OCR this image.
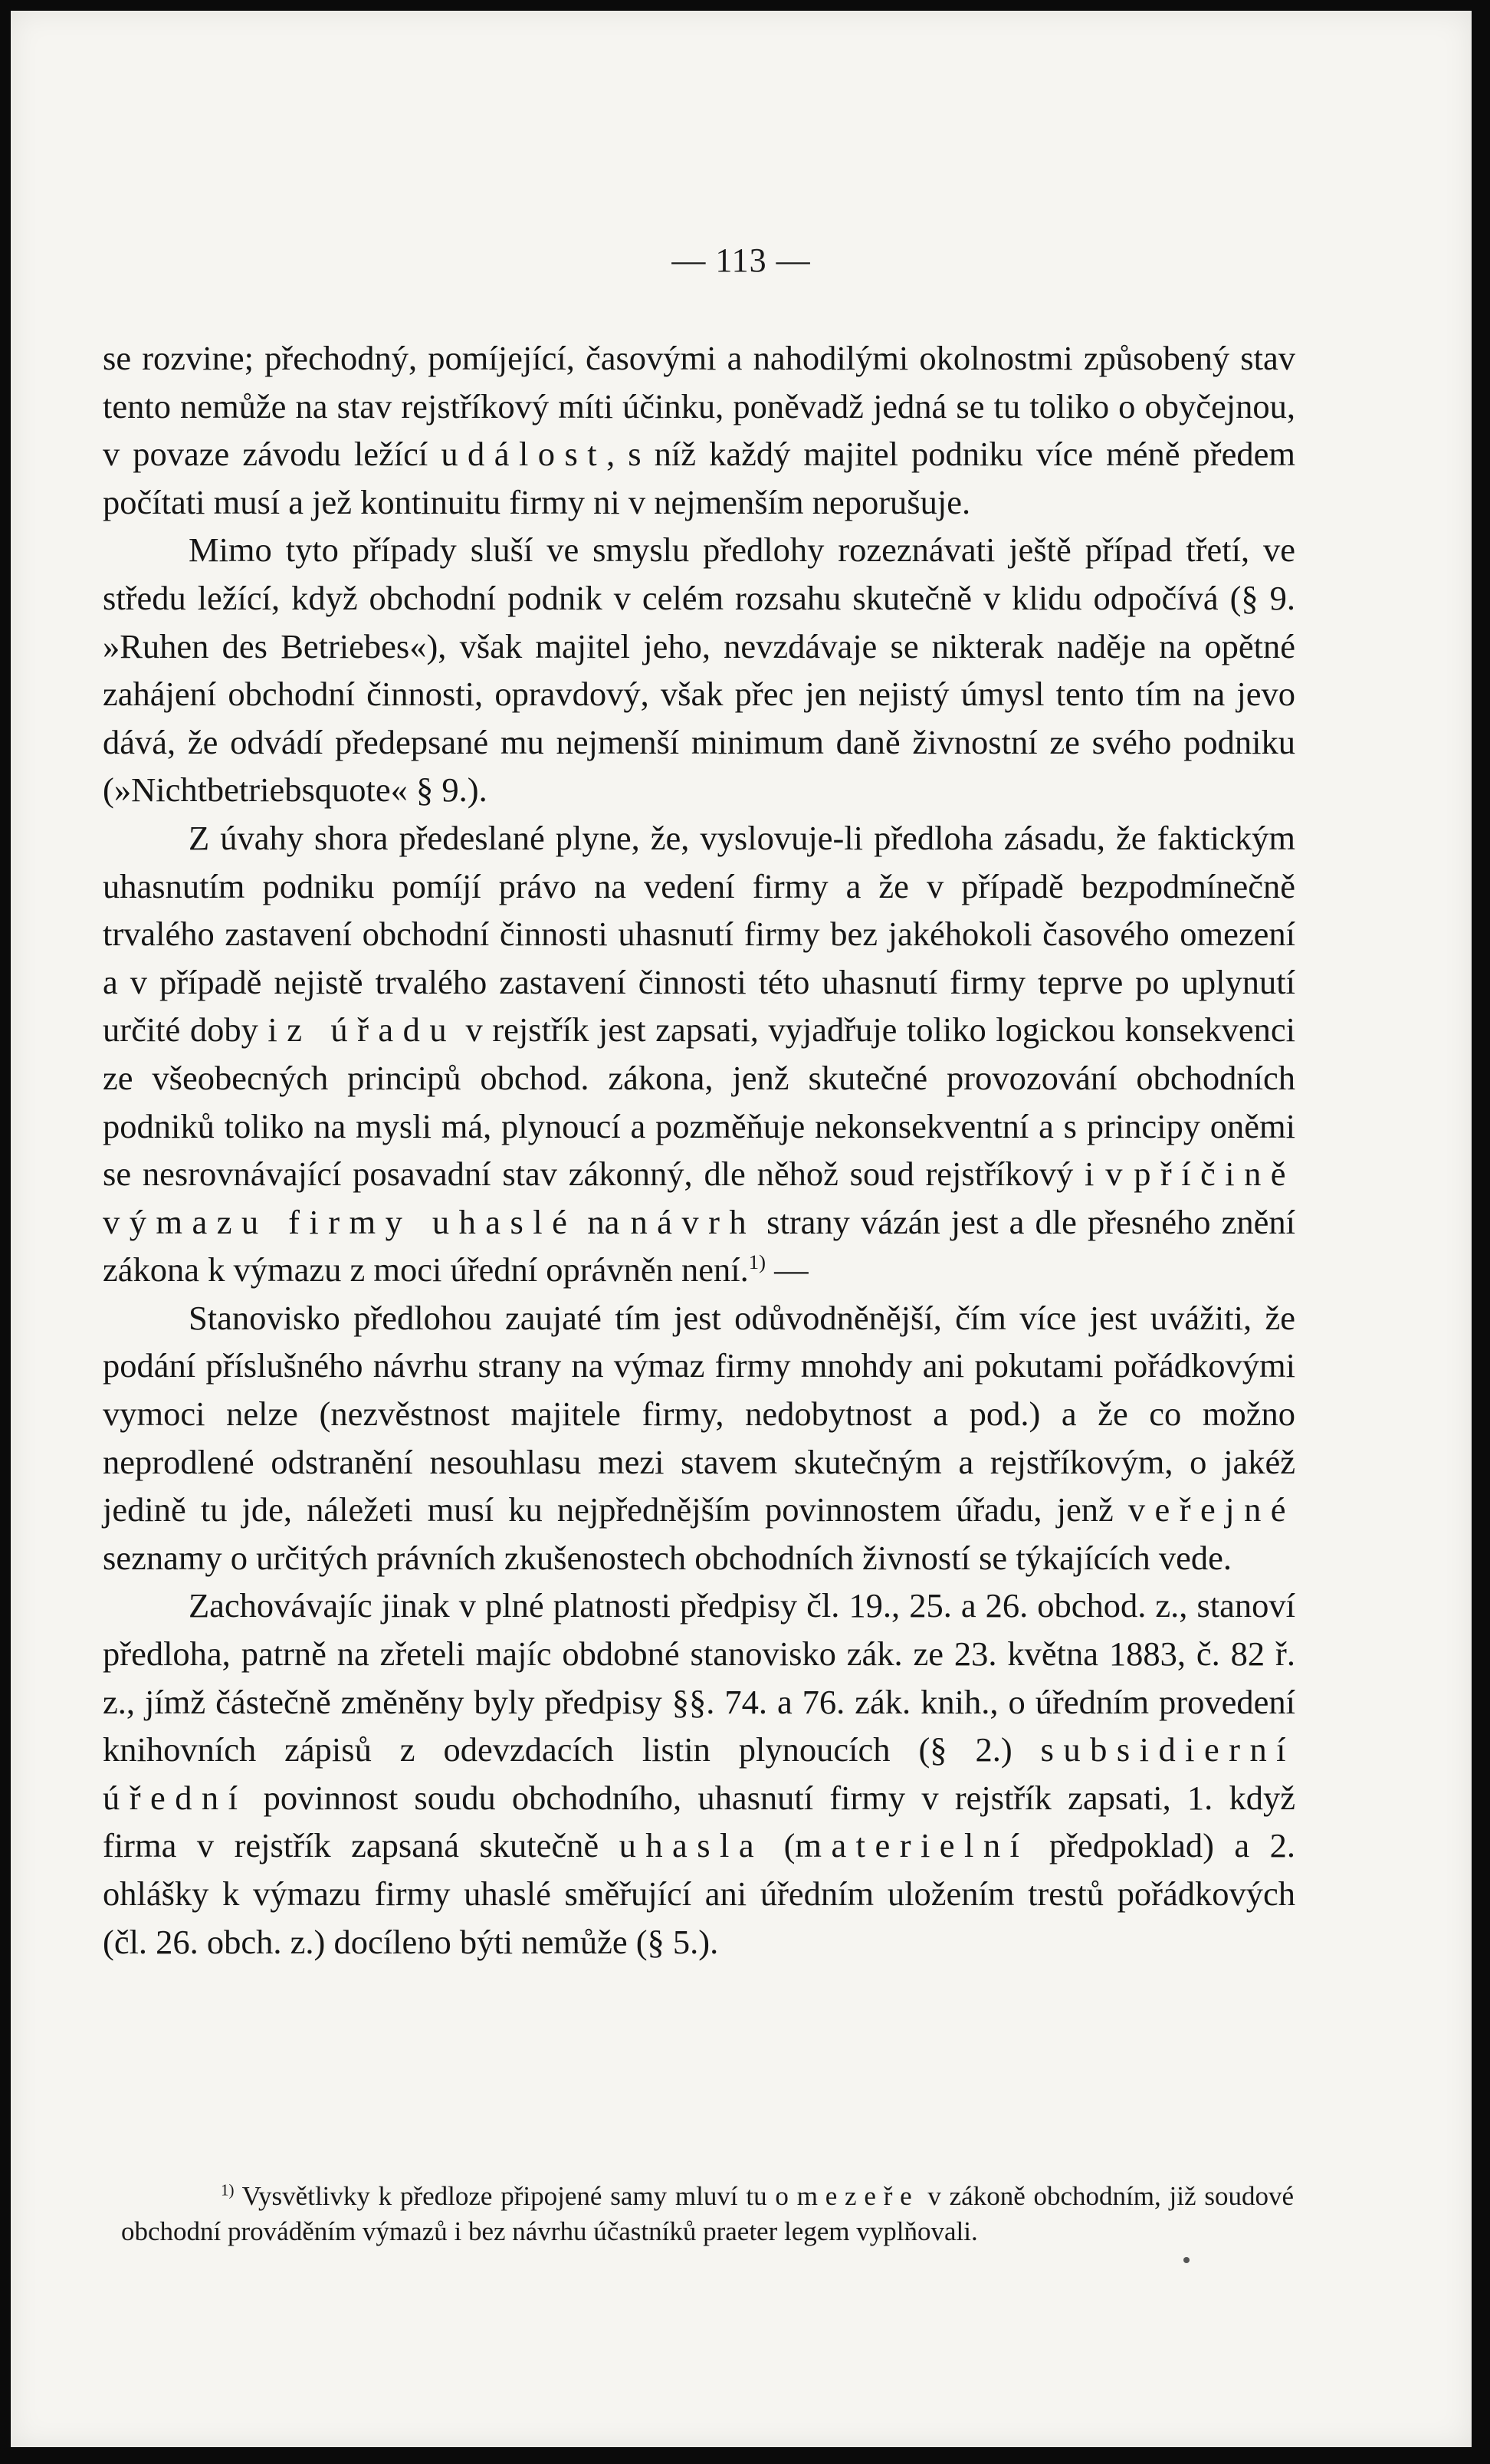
— 113 —

se rozvine; přechodný, pomíjející, časovými a nahodilými okolnostmi způsobený stav tento nemůže na stav rejstříkový míti účinku, poněvadž jedná se tu toliko o obyčejnou, v povaze závodu ležící událost, s níž každý majitel podniku více méně předem počítati musí a jež kontinuitu firmy ni v nejmenším neporušuje.

Mimo tyto případy sluší ve smyslu předlohy rozeznávati ještě případ třetí, ve středu ležící, když obchodní podnik v celém rozsahu skutečně v klidu odpočívá (§ 9. »Ruhen des Betriebes«), však majitel jeho, nevzdávaje se nikterak naděje na opětné zahájení obchodní činnosti, opravdový, však přec jen nejistý úmysl tento tím na jevo dává, že odvádí předepsané mu nejmenší minimum daně živnostní ze svého podniku (»Nichtbetriebsquote« § 9.).

Z úvahy shora předeslané plyne, že, vyslovuje-li předloha zásadu, že faktickým uhasnutím podniku pomíjí právo na vedení firmy a že v případě bezpodmínečně trvalého zastavení obchodní činnosti uhasnutí firmy bez jakéhokoli časového omezení a v případě nejistě trvalého zastavení činnosti této uhasnutí firmy teprve po uplynutí určité doby i z úřadu v rejstřík jest zapsati, vyjadřuje toliko logickou konsekvenci ze všeobecných principů obchod. zákona, jenž skutečné provozování obchodních podniků toliko na mysli má, plynoucí a pozměňuje nekonsekventní a s principy oněmi se nesrovnávající posavadní stav zákonný, dle něhož soud rejstříkový i v příčině výmazu firmy uhaslé na návrh strany vázán jest a dle přesného znění zákona k výmazu z moci úřední oprávněn není.$^{1)}$ —

Stanovisko předlohou zaujaté tím jest odůvodněnější, čím více jest uvážiti, že podání příslušného návrhu strany na výmaz firmy mnohdy ani pokutami pořádkovými vymoci nelze (nezvěstnost majitele firmy, nedobytnost a pod.) a že co možno neprodlené odstranění nesouhlasu mezi stavem skutečným a rejstříkovým, o jakéž jedině tu jde, náležeti musí ku nejpřednějším povinnostem úřadu, jenž veřejné seznamy o určitých právních zkušenostech obchodních živností se týkajících vede.

Zachovávajíc jinak v plné platnosti předpisy čl. 19., 25. a 26. obchod. z., stanoví předloha, patrně na zřeteli majíc obdobné stanovisko zák. ze 23. května 1883, č. 82 ř. z., jímž částečně změněny byly předpisy §§. 74. a 76. zák. knih., o úředním provedení knihovních zápisů z odevzdacích listin plynoucích (§ 2.) subsidierní úřední povinnost soudu obchodního, uhasnutí firmy v rejstřík zapsati, 1. když firma v rejstřík zapsaná skutečně uhasla (materielní předpoklad) a 2. ohlášky k výmazu firmy uhaslé směřující ani úředním uložením trestů pořádkových (čl. 26. obch. z.) docíleno býti nemůže (§ 5.).

$^{1)}$ Vysvětlivky k předloze připojené samy mluví tu o mezeře v zákoně obchodním, již soudové obchodní prováděním výmazů i bez návrhu účastníků praeter legem vyplňovali.
